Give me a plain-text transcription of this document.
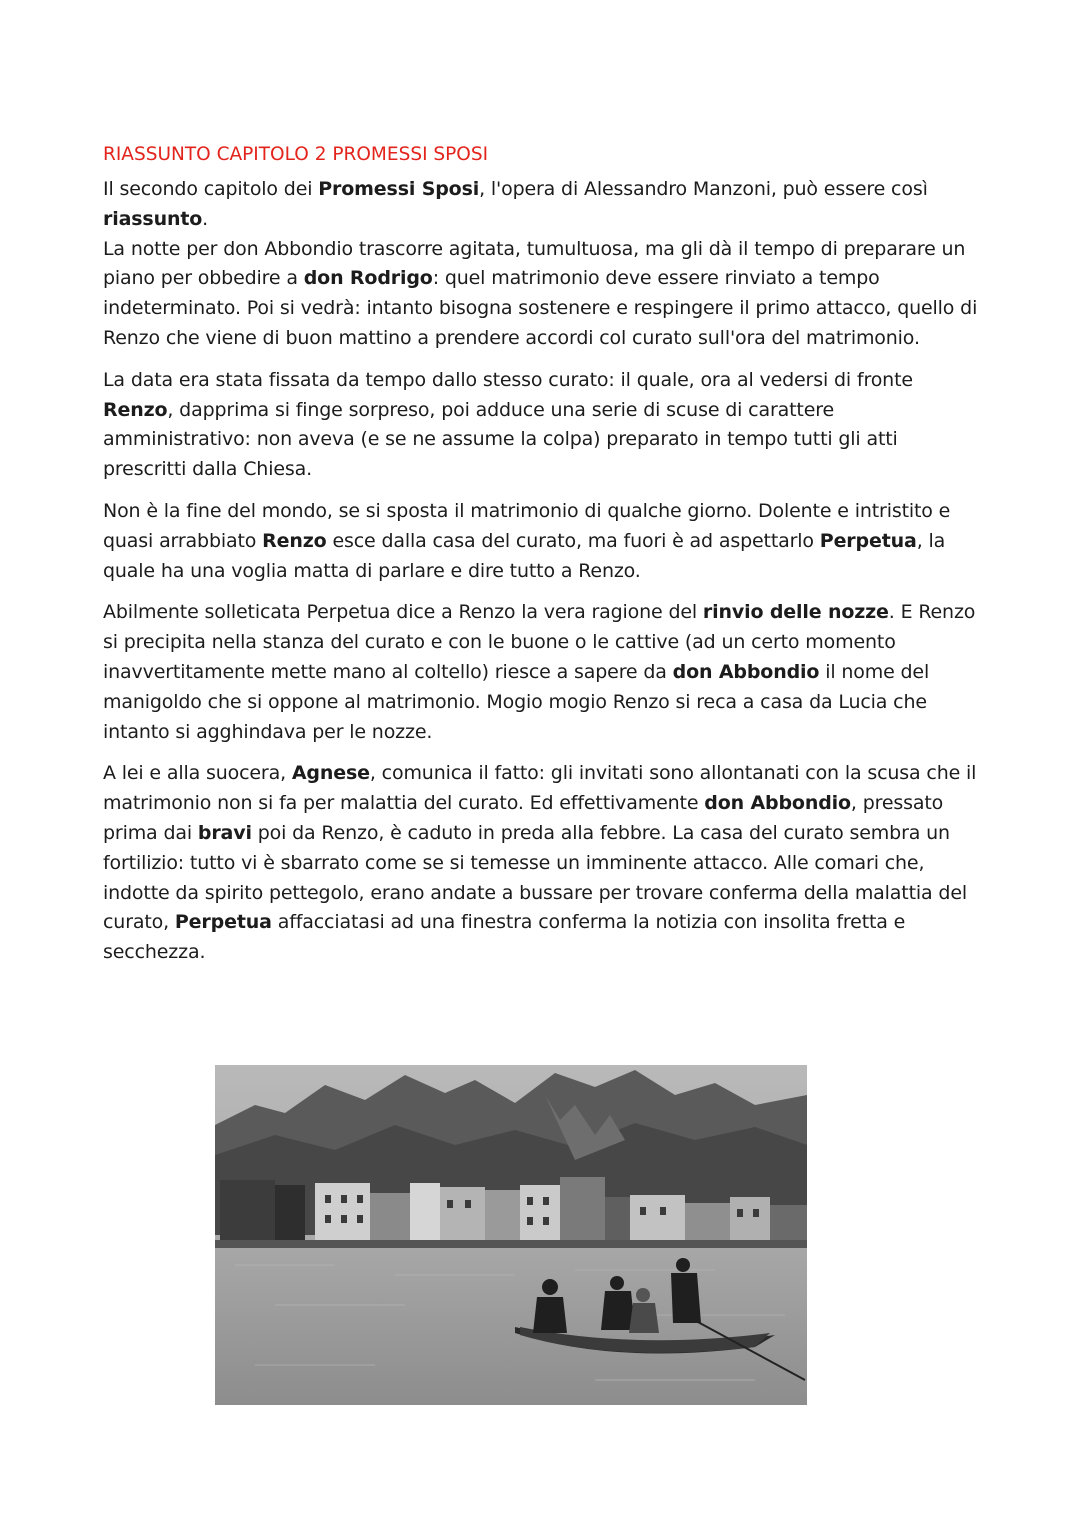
RIASSUNTO CAPITOLO 2 PROMESSI SPOSI

Il secondo capitolo dei Promessi Sposi, l'opera di Alessandro Manzoni, può essere così riassunto.
La notte per don Abbondio trascorre agitata, tumultuosa, ma gli dà il tempo di preparare un piano per obbedire a don Rodrigo: quel matrimonio deve essere rinviato a tempo indeterminato. Poi si vedrà: intanto bisogna sostenere e respingere il primo attacco, quello di Renzo che viene di buon mattino a prendere accordi col curato sull'ora del matrimonio.

La data era stata fissata da tempo dallo stesso curato: il quale, ora al vedersi di fronte Renzo, dapprima si finge sorpreso, poi adduce una serie di scuse di carattere amministrativo: non aveva (e se ne assume la colpa) preparato in tempo tutti gli atti prescritti dalla Chiesa.

Non è la fine del mondo, se si sposta il matrimonio di qualche giorno. Dolente e intristito e quasi arrabbiato Renzo esce dalla casa del curato, ma fuori è ad aspettarlo Perpetua, la quale ha una voglia matta di parlare e dire tutto a Renzo.

Abilmente solleticata Perpetua dice a Renzo la vera ragione del rinvio delle nozze. E Renzo si precipita nella stanza del curato e con le buone o le cattive (ad un certo momento inavvertitamente mette mano al coltello) riesce a sapere da don Abbondio il nome del manigoldo che si oppone al matrimonio. Mogio mogio Renzo si reca a casa da Lucia che intanto si agghindava per le nozze.

A lei e alla suocera, Agnese, comunica il fatto: gli invitati sono allontanati con la scusa che il matrimonio non si fa per malattia del curato. Ed effettivamente don Abbondio, pressato prima dai bravi poi da Renzo, è caduto in preda alla febbre. La casa del curato sembra un fortilizio: tutto vi è sbarrato come se si temesse un imminente attacco. Alle comari che, indotte da spirito pettegolo, erano andate a bussare per trovare conferma della malattia del curato, Perpetua affacciatasi ad una finestra conferma la notizia con insolita fretta e secchezza.
